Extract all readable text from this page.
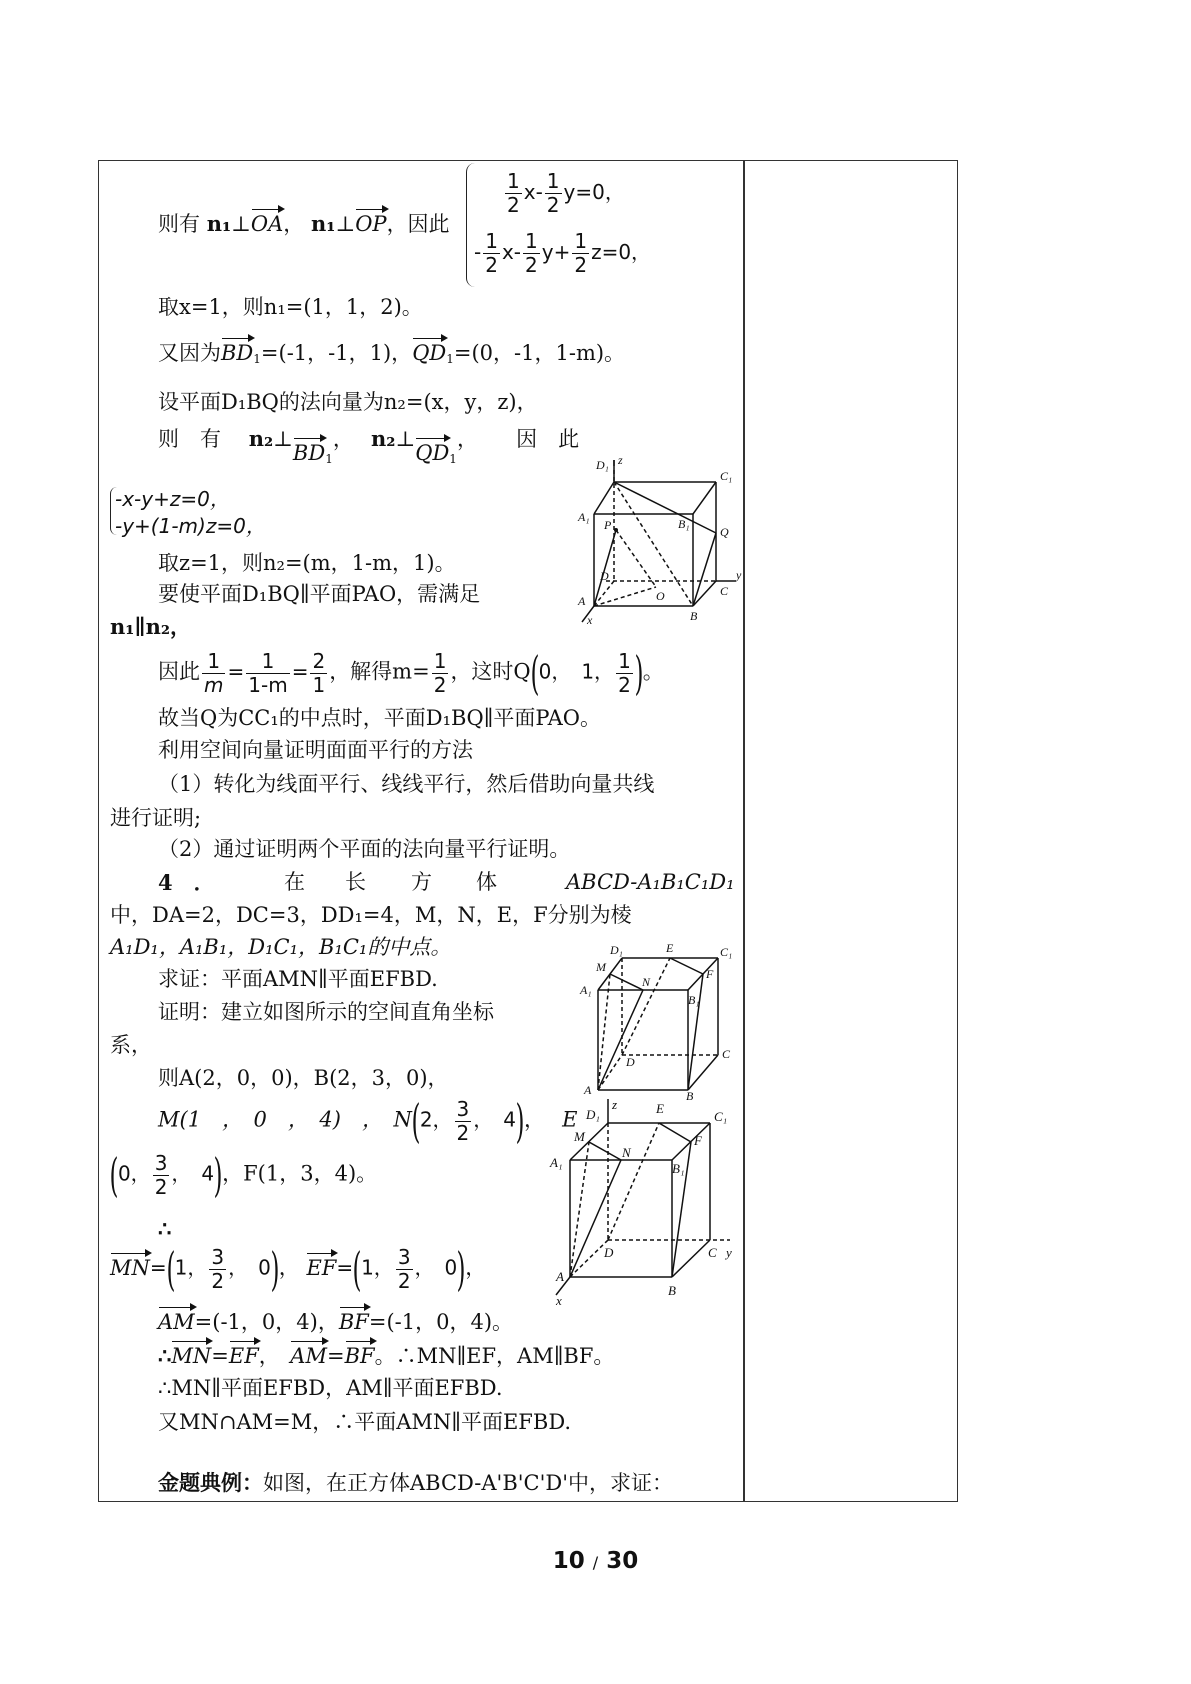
则有 n₁⊥OA， n₁⊥OP，因此
$\frac{1}{2} x- \frac{1}{2} y=0$，
- $\frac{1}{2} x- \frac{1}{2} y+ \frac{1}{2} z=0$，
取x=1，则n₁=(1，1，2)。
又因为$BD_1=(-1$，-1，1)，$QD_1=(0$，-1，1-m)。
设平面D₁BQ的法向量为n₂=(x，y，z)，
则　有　 $n_2\perp BD_1$，　 $n_2\perp QD_1$，　　 因　此
-x-y+z=0，
-y+(1-m)z=0，
取z=1，则n₂=(m，1-m，1)。
要使平面D₁BQ∥平面PAO，需满足
n₁∥n₂，
因此 $\frac{1}{m} = \frac{1}{1-m} = \frac{2}{1}$ ，解得$m= \frac{1}{2}$ ，这时Q(0，　1， $\frac{1}{2}$ )。
故当Q为CC₁的中点时，平面D₁BQ∥平面PAO。
利用空间向量证明面面平行的方法
（1）转化为线面平行、线线平行，然后借助向量共线
进行证明;
（2）通过证明两个平面的法向量平行证明。
4　．	在 长 方 体	ABCD-A₁B₁C₁D₁
中，DA=2，DC=3，DD₁=4，M，N，E，F分别为棱
A₁D₁，A₁B₁，D₁C₁，B₁C₁的中点。
求证：平面AMN∥平面EFBD.
证明：建立如图所示的空间直角坐标
系，
则A(2，0，0)，B(2，3，0)，
M(1　，　0　，　4)　，　N(2， $\frac{3}{2}$ ，　4)，　 E
(0， $\frac{3}{2}$ ，　4)，F(1，3，4)。
∴
MN=(1， $\frac{3}{2}$ ，　0)， EF=(1， $\frac{3}{2}$ ，　0)，
AM=(-1，0，4)，BF=(-1，0，4)。
∴MN=EF，　 AM=BF。∴MN∥EF，AM∥BF。
∴MN∥平面EFBD，AM∥平面EFBD.
又MN∩AM=M，∴平面AMN∥平面EFBD.
金题典例：如图，在正方体ABCD-A'B'C'D'中，求证：
D₁ z
C₁
A₁
P	B₁
Q
D
O	C
y
A
B
x
D₁	E	C₁
M
A₁
N
F
B₁
C
D
A	B
D₁
z	E
C₁
M
A₁
N
F
B₁
A
D	C y
B
x
10 / 30
